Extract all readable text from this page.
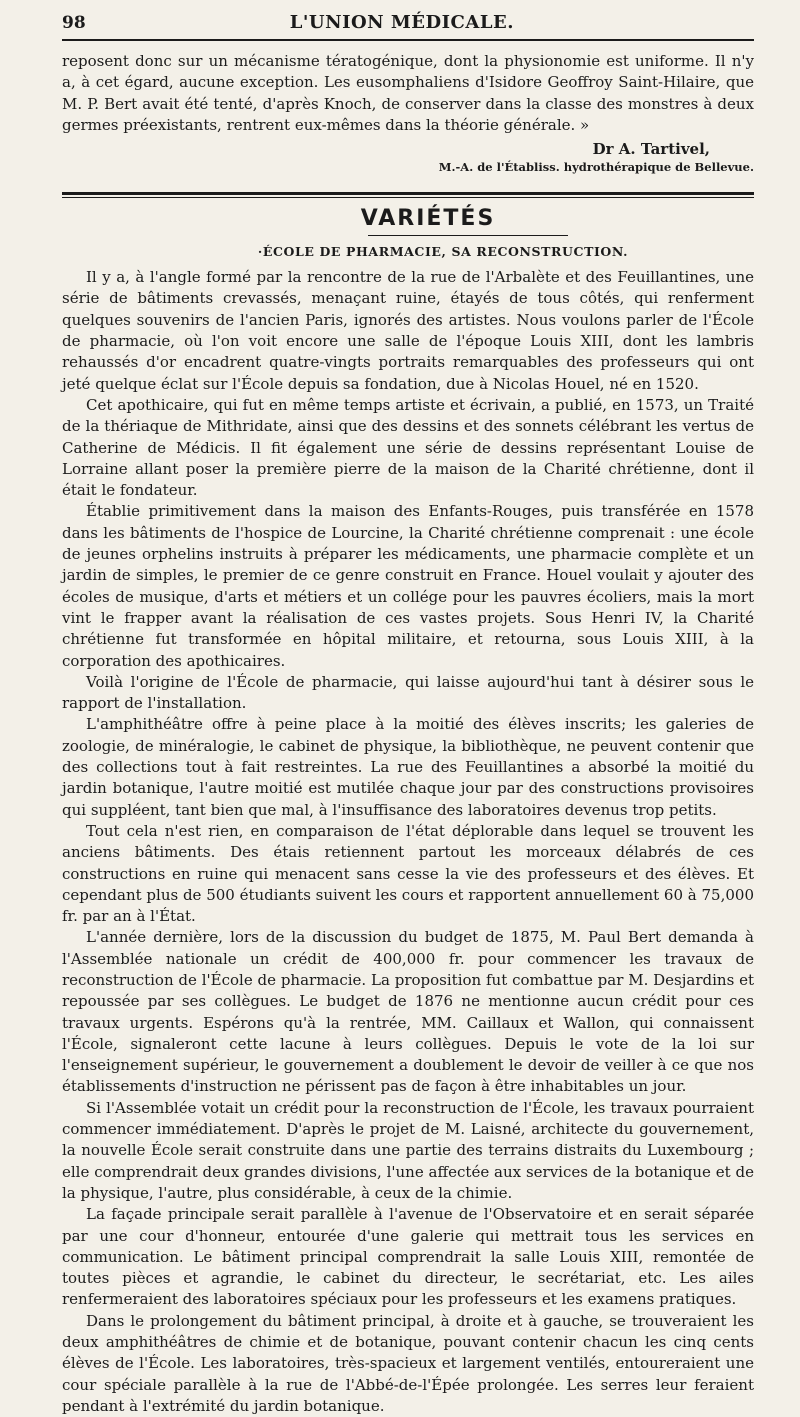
98	L'UNION MÉDICALE.

reposent donc sur un mécanisme tératogénique, dont la physionomie est uniforme. Il n'y a, à cet égard, aucune exception. Les eusomphaliens d'Isidore Geoffroy Saint-Hilaire, que M. P. Bert avait été tenté, d'après Knoch, de conserver dans la classe des monstres à deux germes préexistants, rentrent eux-mêmes dans la théorie générale. »

Dr A. Tartivel,
M.-A. de l'Établiss. hydrothérapique de Bellevue.
VARIÉTÉS
·ÉCOLE DE PHARMACIE, SA RECONSTRUCTION.

Il y a, à l'angle formé par la rencontre de la rue de l'Arbalète et des Feuillantines, une série de bâtiments crevassés, menaçant ruine, étayés de tous côtés, qui renferment quelques souvenirs de l'ancien Paris, ignorés des artistes. Nous voulons parler de l'École de pharmacie, où l'on voit encore une salle de l'époque Louis XIII, dont les lambris rehaussés d'or encadrent quatre-vingts portraits remarquables des professeurs qui ont jeté quelque éclat sur l'École depuis sa fondation, due à Nicolas Houel, né en 1520.

Cet apothicaire, qui fut en même temps artiste et écrivain, a publié, en 1573, un Traité de la thériaque de Mithridate, ainsi que des dessins et des sonnets célébrant les vertus de Catherine de Médicis. Il fit également une série de dessins représentant Louise de Lorraine allant poser la première pierre de la maison de la Charité chrétienne, dont il était le fondateur.

Établie primitivement dans la maison des Enfants-Rouges, puis transférée en 1578 dans les bâtiments de l'hospice de Lourcine, la Charité chrétienne comprenait : une école de jeunes orphelins instruits à préparer les médicaments, une pharmacie complète et un jardin de simples, le premier de ce genre construit en France. Houel voulait y ajouter des écoles de musique, d'arts et métiers et un collége pour les pauvres écoliers, mais la mort vint le frapper avant la réalisation de ces vastes projets. Sous Henri IV, la Charité chrétienne fut transformée en hôpital militaire, et retourna, sous Louis XIII, à la corporation des apothicaires.

Voilà l'origine de l'École de pharmacie, qui laisse aujourd'hui tant à désirer sous le rapport de l'installation.

L'amphithéâtre offre à peine place à la moitié des élèves inscrits; les galeries de zoologie, de minéralogie, le cabinet de physique, la bibliothèque, ne peuvent contenir que des collections tout à fait restreintes. La rue des Feuillantines a absorbé la moitié du jardin botanique, l'autre moitié est mutilée chaque jour par des constructions provisoires qui suppléent, tant bien que mal, à l'insuffisance des laboratoires devenus trop petits.

Tout cela n'est rien, en comparaison de l'état déplorable dans lequel se trouvent les anciens bâtiments. Des étais retiennent partout les morceaux délabrés de ces constructions en ruine qui menacent sans cesse la vie des professeurs et des élèves. Et cependant plus de 500 étudiants suivent les cours et rapportent annuellement 60 à 75,000 fr. par an à l'État.

L'année dernière, lors de la discussion du budget de 1875, M. Paul Bert demanda à l'Assemblée nationale un crédit de 400,000 fr. pour commencer les travaux de reconstruction de l'École de pharmacie. La proposition fut combattue par M. Desjardins et repoussée par ses collègues. Le budget de 1876 ne mentionne aucun crédit pour ces travaux urgents. Espérons qu'à la rentrée, MM. Caillaux et Wallon, qui connaissent l'École, signaleront cette lacune à leurs collègues. Depuis le vote de la loi sur l'enseignement supérieur, le gouvernement a doublement le devoir de veiller à ce que nos établissements d'instruction ne périssent pas de façon à être inhabitables un jour.

Si l'Assemblée votait un crédit pour la reconstruction de l'École, les travaux pourraient commencer immédiatement. D'après le projet de M. Laisné, architecte du gouvernement, la nouvelle École serait construite dans une partie des terrains distraits du Luxembourg ; elle comprendrait deux grandes divisions, l'une affectée aux services de la botanique et de la physique, l'autre, plus considérable, à ceux de la chimie.

La façade principale serait parallèle à l'avenue de l'Observatoire et en serait séparée par une cour d'honneur, entourée d'une galerie qui mettrait tous les services en communication. Le bâtiment principal comprendrait la salle Louis XIII, remontée de toutes pièces et agrandie, le cabinet du directeur, le secrétariat, etc. Les ailes renfermeraient des laboratoires spéciaux pour les professeurs et les examens pratiques.

Dans le prolongement du bâtiment principal, à droite et à gauche, se trouveraient les deux amphithéâtres de chimie et de botanique, pouvant contenir chacun les cinq cents élèves de l'École. Les laboratoires, très-spacieux et largement ventilés, entoureraient une cour spéciale parallèle à la rue de l'Abbé-de-l'Épée prolongée. Les serres leur feraient pendant à l'extrémité du jardin botanique.
